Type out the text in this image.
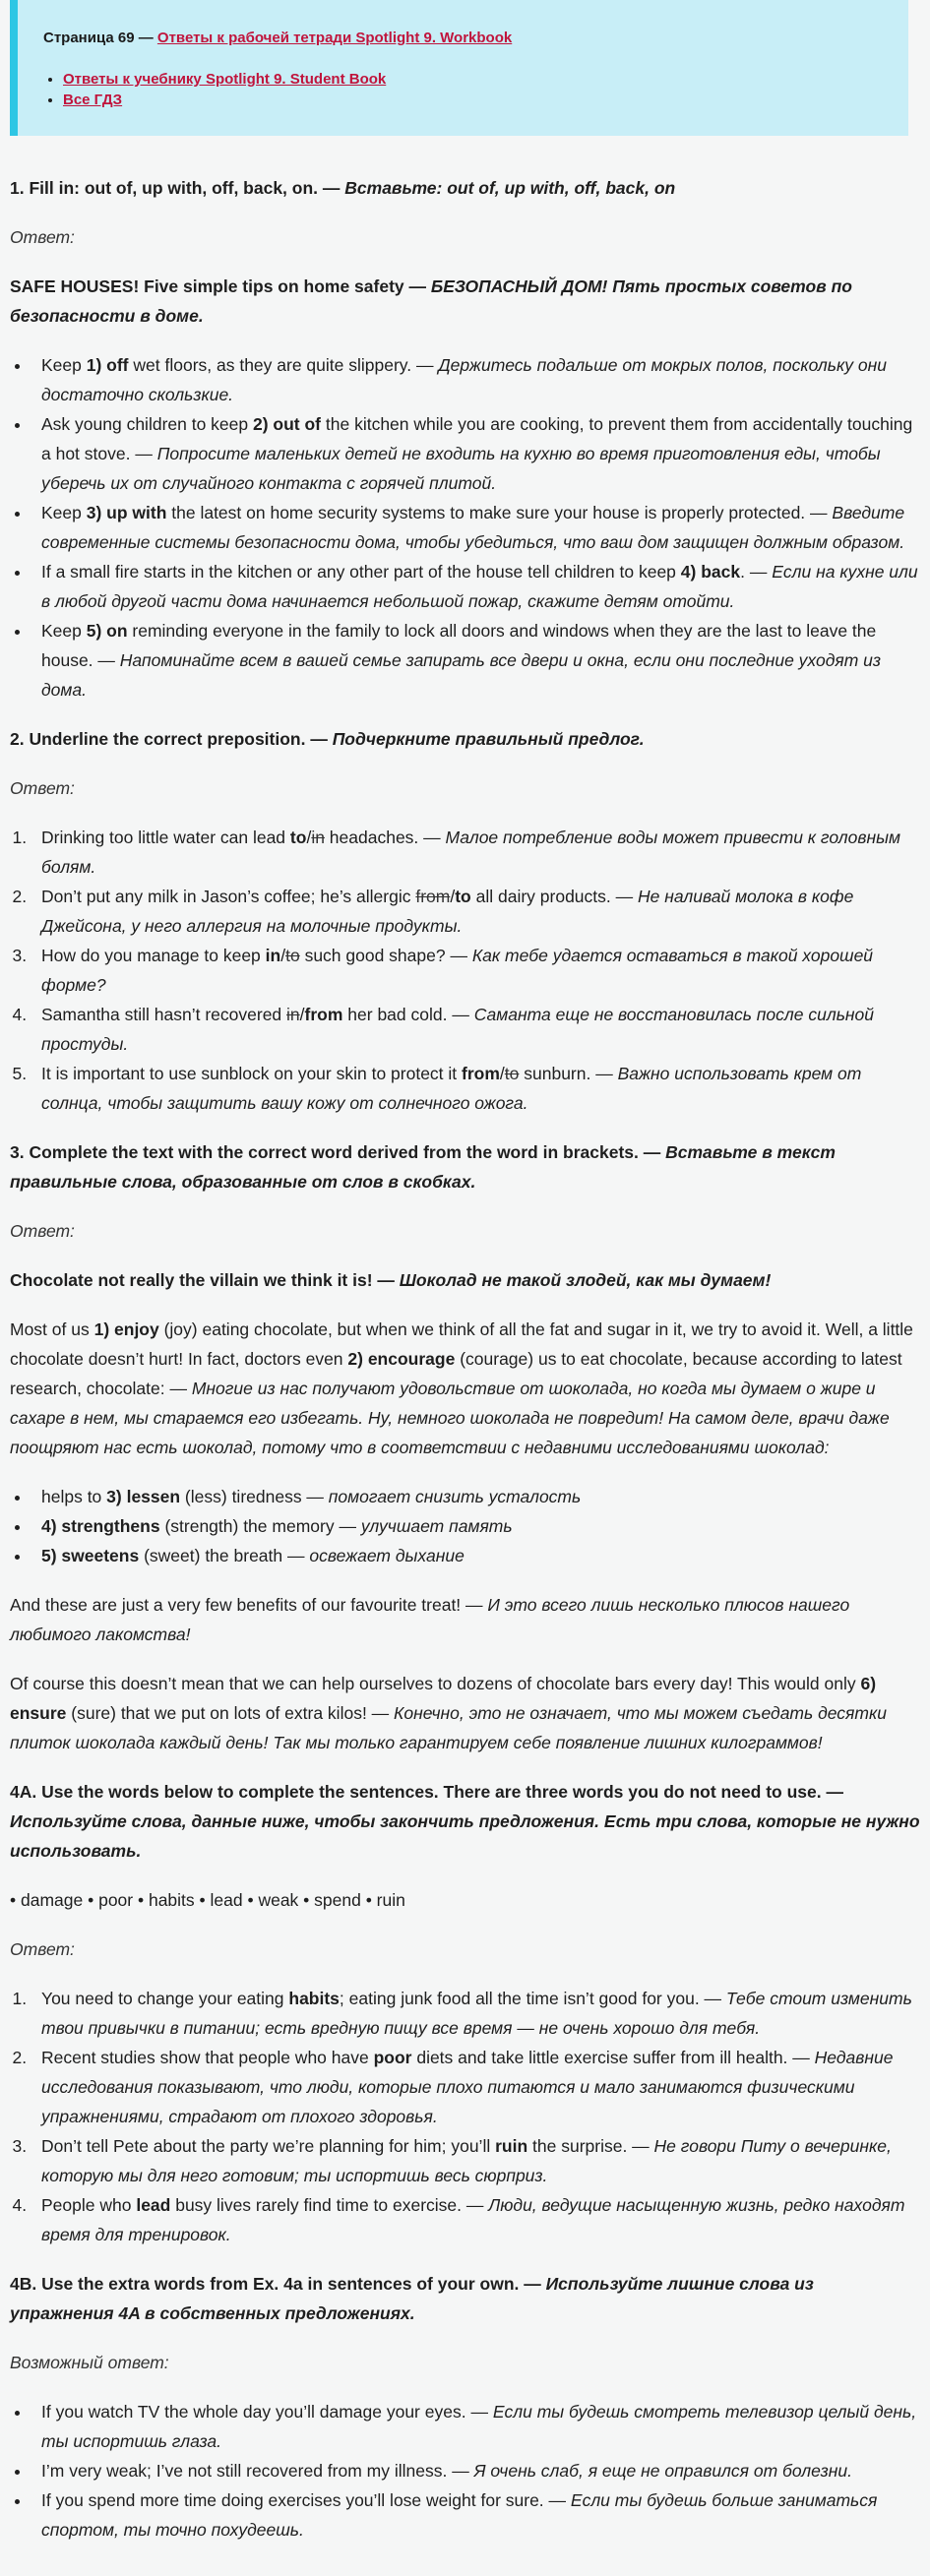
Страница 69 — Ответы к рабочей тетради Spotlight 9. Workbook
• Ответы к учебнику Spotlight 9. Student Book
• Все ГДЗ
1. Fill in: out of, up with, off, back, on. — Вставьте: out of, up with, off, back, on

Ответ:

SAFE HOUSES! Five simple tips on home safety — БЕЗОПАСНЫЙ ДОМ! Пять простых советов по безопасности в доме.

• Keep 1) off wet floors, as they are quite slippery. — Держитесь подальше от мокрых полов, поскольку они достаточно скользкие.
• Ask young children to keep 2) out of the kitchen while you are cooking, to prevent them from accidentally touching a hot stove. — Попросите маленьких детей не входить на кухню во время приготовления еды, чтобы уберечь их от случайного контакта с горячей плитой.
• Keep 3) up with the latest on home security systems to make sure your house is properly protected. — Введите современные системы безопасности дома, чтобы убедиться, что ваш дом защищен должным образом.
• If a small fire starts in the kitchen or any other part of the house tell children to keep 4) back. — Если на кухне или в любой другой части дома начинается небольшой пожар, скажите детям отойти.
• Keep 5) on reminding everyone in the family to lock all doors and windows when they are the last to leave the house. — Напоминайте всем в вашей семье запирать все двери и окна, если они последние уходят из дома.
2. Underline the correct preposition. — Подчеркните правильный предлог.

Ответ:

1. Drinking too little water can lead to/in headaches. — Малое потребление воды может привести к головным болям.
2. Don’t put any milk in Jason’s coffee; he’s allergic from/to all dairy products. — Не наливай молока в кофе Джейсона, у него аллергия на молочные продукты.
3. How do you manage to keep in/to such good shape? — Как тебе удается оставаться в такой хорошей форме?
4. Samantha still hasn’t recovered in/from her bad cold. — Саманта еще не восстановилась после сильной простуды.
5. It is important to use sunblock on your skin to protect it from/to sunburn. — Важно использовать крем от солнца, чтобы защитить вашу кожу от солнечного ожога.
3. Complete the text with the correct word derived from the word in brackets. — Вставьте в текст правильные слова, образованные от слов в скобках.

Ответ:

Chocolate not really the villain we think it is! — Шоколад не такой злодей, как мы думаем!

Most of us 1) enjoy (joy) eating chocolate, but when we think of all the fat and sugar in it, we try to avoid it. Well, a little chocolate doesn’t hurt! In fact, doctors even 2) encourage (courage) us to eat chocolate, because according to latest research, chocolate: — Многие из нас получают удовольствие от шоколада, но когда мы думаем о жире и сахаре в нем, мы стараемся его избегать. Ну, немного шоколада не повредит! На самом деле, врачи даже поощряют нас есть шоколад, потому что в соответствии с недавними исследованиями шоколад:

• helps to 3) lessen (less) tiredness — помогает снизить усталость
• 4) strengthens (strength) the memory — улучшает память
• 5) sweetens (sweet) the breath — освежает дыхание

And these are just a very few benefits of our favourite treat! — И это всего лишь несколько плюсов нашего любимого лакомства!

Of course this doesn’t mean that we can help ourselves to dozens of chocolate bars every day! This would only 6) ensure (sure) that we put on lots of extra kilos! — Конечно, это не означает, что мы можем съедать десятки плиток шоколада каждый день! Так мы только гарантируем себе появление лишних килограммов!

4A. Use the words below to complete the sentences. There are three words you do not need to use. — Используйте слова, данные ниже, чтобы закончить предложения. Есть три слова, которые не нужно использовать.

• damage • poor • habits • lead • weak • spend • ruin

Ответ:

1. You need to change your eating habits; eating junk food all the time isn’t good for you. — Тебе стоит изменить твои привычки в питании; есть вредную пищу все время — не очень хорошо для тебя.
2. Recent studies show that people who have poor diets and take little exercise suffer from ill health. — Недавние исследования показывают, что люди, которые плохо питаются и мало занимаются физическими упражнениями, страдают от плохого здоровья.
3. Don’t tell Pete about the party we’re planning for him; you’ll ruin the surprise. — Не говори Питу о вечеринке, которую мы для него готовим; ты испортишь весь сюрприз.
4. People who lead busy lives rarely find time to exercise. — Люди, ведущие насыщенную жизнь, редко находят время для тренировок.
4B. Use the extra words from Ex. 4a in sentences of your own. — Используйте лишние слова из упражнения 4A в собственных предложениях.

Возможный ответ:

• If you watch TV the whole day you’ll damage your eyes. — Если ты будешь смотреть телевизор целый день, ты испортишь глаза.
• I’m very weak; I’ve not still recovered from my illness. — Я очень слаб, я еще не оправился от болезни.
• If you spend more time doing exercises you’ll lose weight for sure. — Если ты будешь больше заниматься спортом, ты точно похудеешь.
